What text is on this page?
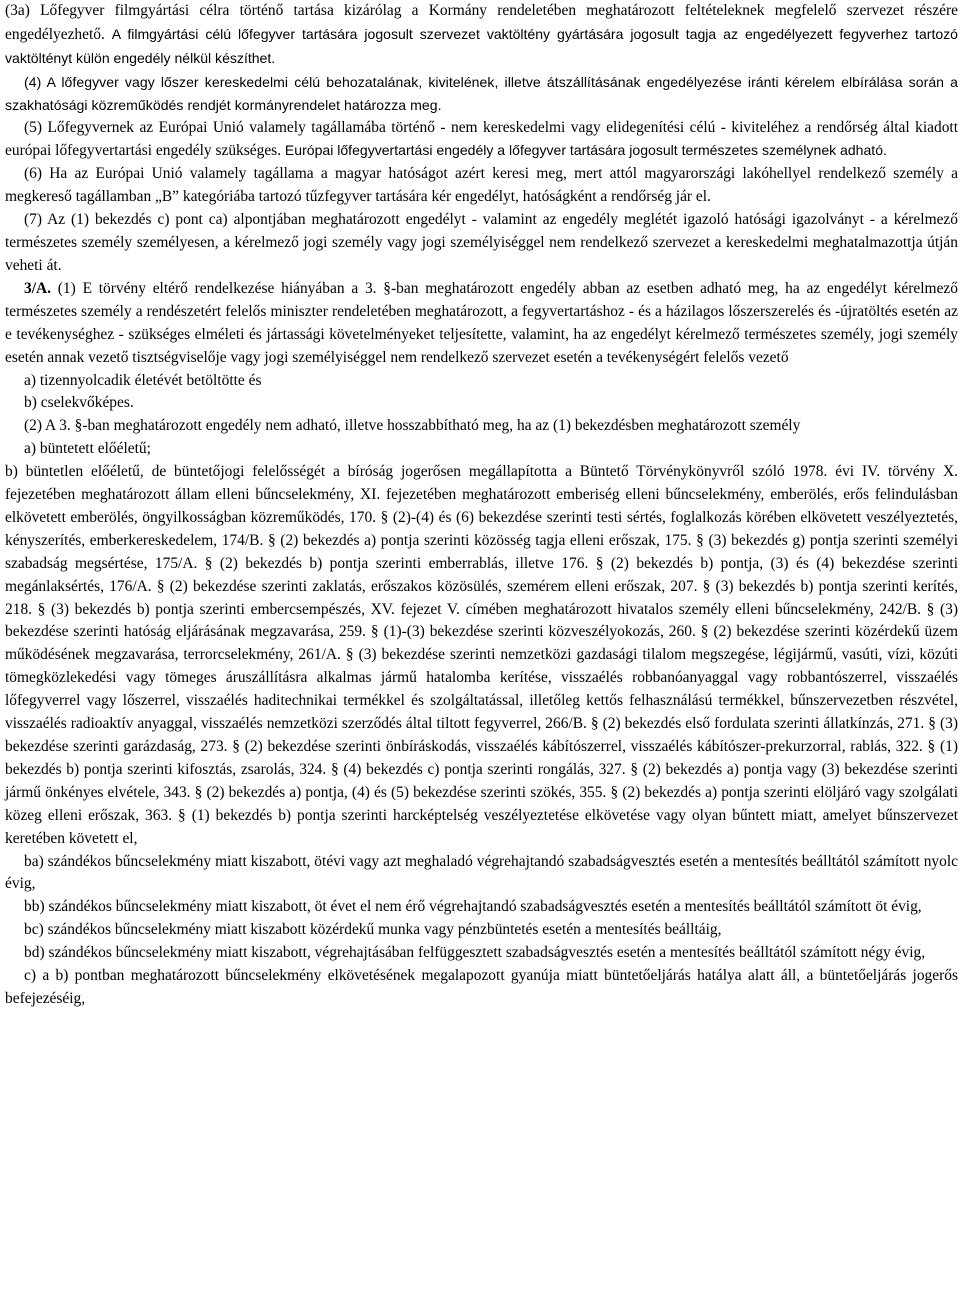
(3a) Lőfegyver filmgyártási célra történő tartása kizárólag a Kormány rendeletében meghatározott feltételeknek megfelelő szervezet részére engedélyezhető. A filmgyártási célú lőfegyver tartására jogosult szervezet vaktöltény gyártására jogosult tagja az engedélyezett fegyverhez tartozó vaktöltényt külön engedély nélkül készíthet.

(4) A lőfegyver vagy lőszer kereskedelmi célú behozatalának, kivitelének, illetve átszállításának engedélyezése iránti kérelem elbírálása során a szakhatósági közreműködés rendjét kormányrendelet határozza meg.

(5) Lőfegyvernek az Európai Unió valamely tagállamába történő - nem kereskedelmi vagy elidegenítési célú - kiviteléhez a rendőrség által kiadott európai lőfegyvertartási engedély szükséges. Európai lőfegyvertartási engedély a lőfegyver tartására jogosult természetes személynek adható.

(6) Ha az Európai Unió valamely tagállama a magyar hatóságot azért keresi meg, mert attól magyarországi lakóhellyel rendelkező személy a megkereső tagállamban „B” kategóriába tartozó tűzfegyver tartására kér engedélyt, hatóságként a rendőrség jár el.

(7) Az (1) bekezdés c) pont ca) alpontjában meghatározott engedélyt - valamint az engedély meglétét igazoló hatósági igazolványt - a kérelmező természetes személy személyesen, a kérelmező jogi személy vagy jogi személyiséggel nem rendelkező szervezet a kereskedelmi meghatalmazottja útján veheti át.

3/A. (1) E törvény eltérő rendelkezése hiányában a 3. §-ban meghatározott engedély abban az esetben adható meg, ha az engedélyt kérelmező természetes személy a rendészetért felelős miniszter rendeletében meghatározott, a fegyvertartáshoz - és a házilagos lőszerszerelés és -újratöltés esetén az e tevékenységhez - szükséges elméleti és jártassági követelményeket teljesítette, valamint, ha az engedélyt kérelmező természetes személy, jogi személy esetén annak vezető tisztségviselője vagy jogi személyiséggel nem rendelkező szervezet esetén a tevékenységért felelős vezető

a) tizennyolcadik életévét betöltötte és

b) cselekvőképes.

(2) A 3. §-ban meghatározott engedély nem adható, illetve hosszabbítható meg, ha az (1) bekezdésben meghatározott személy

a) büntetett előéletű;

b) büntetlen előéletű, de büntetőjogi felelősségét a bíróság jogerősen megállapította a Büntető Törvénykönyvről szóló 1978. évi IV. törvény X. fejezetében meghatározott állam elleni bűncselekmény, XI. fejezetében meghatározott emberiség elleni bűncselekmény, emberölés, erős felindulásban elkövetett emberölés, öngyilkosságban közreműködés, 170. § (2)-(4) és (6) bekezdése szerinti testi sértés, foglalkozás körében elkövetett veszélyeztetés, kényszerítés, emberkereskedelem, 174/B. § (2) bekezdés a) pontja szerinti közösség tagja elleni erőszak, 175. § (3) bekezdés g) pontja szerinti személyi szabadság megsértése, 175/A. § (2) bekezdés b) pontja szerinti emberrablás, illetve 176. § (2) bekezdés b) pontja, (3) és (4) bekezdése szerinti megánlaksértés, 176/A. § (2) bekezdése szerinti zaklatás, erőszakos közösülés, szemérem elleni erőszak, 207. § (3) bekezdés b) pontja szerinti kerítés, 218. § (3) bekezdés b) pontja szerinti embercsempészés, XV. fejezet V. címében meghatározott hivatalos személy elleni bűncselekmény, 242/B. § (3) bekezdése szerinti hatóság eljárásának megzavarása, 259. § (1)-(3) bekezdése szerinti közveszélyokozás, 260. § (2) bekezdése szerinti közérdekű üzem működésének megzavarása, terrorcselekmény, 261/A. § (3) bekezdése szerinti nemzetközi gazdasági tilalom megszegése, légijármű, vasúti, vízi, közúti tömegközlekedési vagy tömeges áruszállításra alkalmas jármű hatalomba kerítése, visszaélés robbanóanyaggal vagy robbantószerrel, visszaélés lőfegyverrel vagy lőszerrel, visszaélés haditechnikai termékkel és szolgáltatással, illetőleg kettős felhasználású termékkel, bűnszervezetben részvétel, visszaélés radioaktív anyaggal, visszaélés nemzetközi szerződés által tiltott fegyverrel, 266/B. § (2) bekezdés első fordulata szerinti állatkínzás, 271. § (3) bekezdése szerinti garázdaság, 273. § (2) bekezdése szerinti önbíráskodás, visszaélés kábítószerrel, visszaélés kábítószer-prekurzorral, rablás, 322. § (1) bekezdés b) pontja szerinti kifosztás, zsarolás, 324. § (4) bekezdés c) pontja szerinti rongálás, 327. § (2) bekezdés a) pontja vagy (3) bekezdése szerinti jármű önkényes elvétele, 343. § (2) bekezdés a) pontja, (4) és (5) bekezdése szerinti szökés, 355. § (2) bekezdés a) pontja szerinti elöljáró vagy szolgálati közeg elleni erőszak, 363. § (1) bekezdés b) pontja szerinti harcképtelség veszélyeztetése elkövetése vagy olyan bűntett miatt, amelyet bűnszervezet keretében követett el,

ba) szándékos bűncselekmény miatt kiszabott, ötévi vagy azt meghaladó végrehajtandó szabadságvesztés esetén a mentesítés beálltától számított nyolc évig,

bb) szándékos bűncselekmény miatt kiszabott, öt évet el nem érő végrehajtandó szabadságvesztés esetén a mentesítés beálltától számított öt évig,

bc) szándékos bűncselekmény miatt kiszabott közérdekű munka vagy pénzbüntetés esetén a mentesítés beálltáig,

bd) szándékos bűncselekmény miatt kiszabott, végrehajtásában felfüggesztett szabadságvesztés esetén a mentesítés beálltától számított négy évig,

c) a b) pontban meghatározott bűncselekmény elkövetésének megalapozott gyanúja miatt büntetőeljárás hatálya alatt áll, a büntetőeljárás jogerős befejezéséig,
